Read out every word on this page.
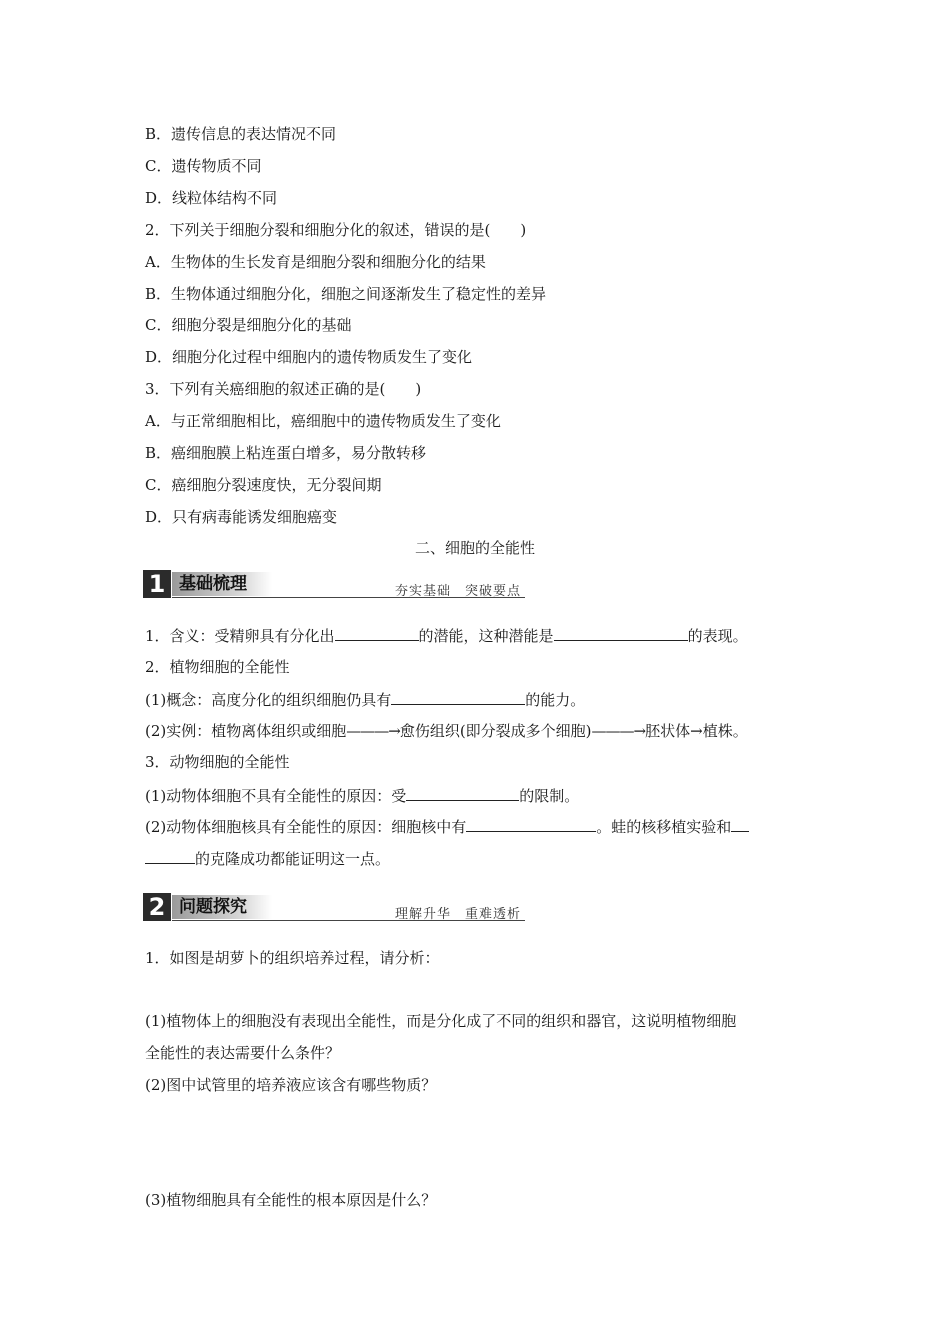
B．遗传信息的表达情况不同
C．遗传物质不同
D．线粒体结构不同
2．下列关于细胞分裂和细胞分化的叙述，错误的是(　　)
A．生物体的生长发育是细胞分裂和细胞分化的结果
B．生物体通过细胞分化，细胞之间逐渐发生了稳定性的差异
C．细胞分裂是细胞分化的基础
D．细胞分化过程中细胞内的遗传物质发生了变化
3．下列有关癌细胞的叙述正确的是(　　)
A．与正常细胞相比，癌细胞中的遗传物质发生了变化
B．癌细胞膜上粘连蛋白增多，易分散转移
C．癌细胞分裂速度快，无分裂间期
D．只有病毒能诱发细胞癌变
二、细胞的全能性
1 基础梳理	夯实基础　突破要点
1．含义：受精卵具有分化出	的潜能，这种潜能是	的表现。
2．植物细胞的全能性
(1)概念：高度分化的组织细胞仍具有	的能力。
(2)实例：植物离体组织或细胞———→愈伤组织(即分裂成多个细胞)———→胚状体→植株。
3．动物细胞的全能性
(1)动物体细胞不具有全能性的原因：受	的限制。
(2)动物体细胞核具有全能性的原因：细胞核中有	。蛙的核移植实验和
的克隆成功都能证明这一点。
2 问题探究	理解升华　重难透析
1．如图是胡萝卜的组织培养过程，请分析：
(1)植物体上的细胞没有表现出全能性，而是分化成了不同的组织和器官，这说明植物细胞
全能性的表达需要什么条件？
(2)图中试管里的培养液应该含有哪些物质？
(3)植物细胞具有全能性的根本原因是什么？
